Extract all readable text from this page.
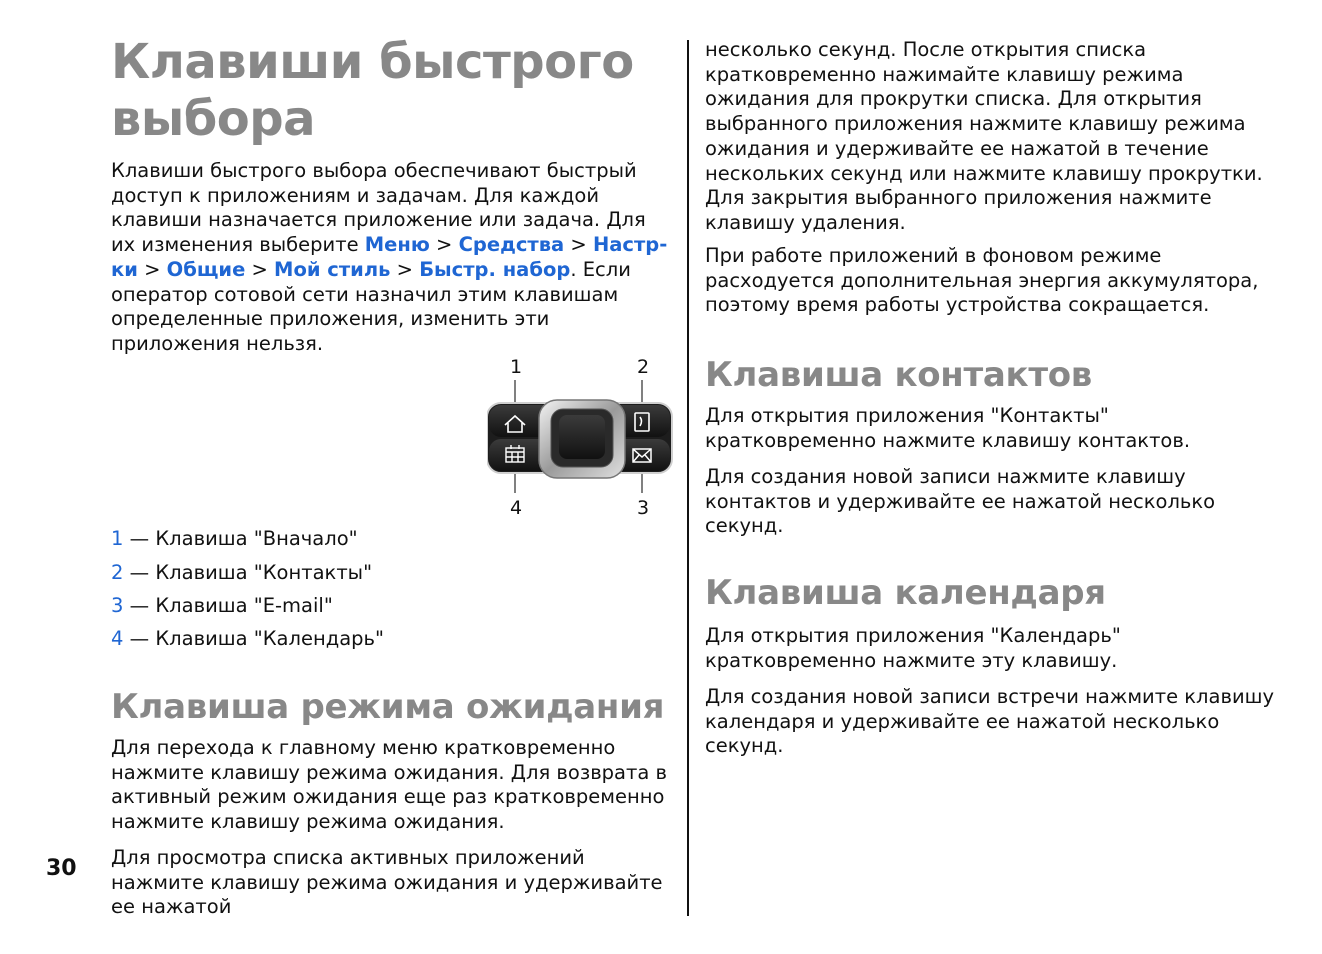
Клавиши быстрого выбора

Клавиши быстрого выбора обеспечивают быстрый доступ к приложениям и задачам. Для каждой клавиши назначается приложение или задача. Для их изменения выберите Меню > Средства > Настр-ки > Общие > Мой стиль > Быстр. набор. Если оператор сотовой сети назначил этим клавишам определенные приложения, изменить эти приложения нельзя.

1	2
3
4
1 — Клавиша "Вначало"
2 — Клавиша "Контакты"
3 — Клавиша "E-mail"
4 — Клавиша "Календарь"
Клавиша режима ожидания

Для перехода к главному меню кратковременно нажмите клавишу режима ожидания. Для возврата в активный режим ожидания еще раз кратковременно нажмите клавишу режима ожидания.

Для просмотра списка активных приложений нажмите клавишу режима ожидания и удерживайте ее нажатой

30

несколько секунд. После открытия списка кратковременно нажимайте клавишу режима ожидания для прокрутки списка. Для открытия выбранного приложения нажмите клавишу режима ожидания и удерживайте ее нажатой в течение нескольких секунд или нажмите клавишу прокрутки. Для закрытия выбранного приложения нажмите клавишу удаления.

При работе приложений в фоновом режиме расходуется дополнительная энергия аккумулятора, поэтому время работы устройства сокращается.

Клавиша контактов

Для открытия приложения "Контакты" кратковременно нажмите клавишу контактов.

Для создания новой записи нажмите клавишу контактов и удерживайте ее нажатой несколько секунд.

Клавиша календаря

Для открытия приложения "Календарь" кратковременно нажмите эту клавишу.

Для создания новой записи встречи нажмите клавишу календаря и удерживайте ее нажатой несколько секунд.
